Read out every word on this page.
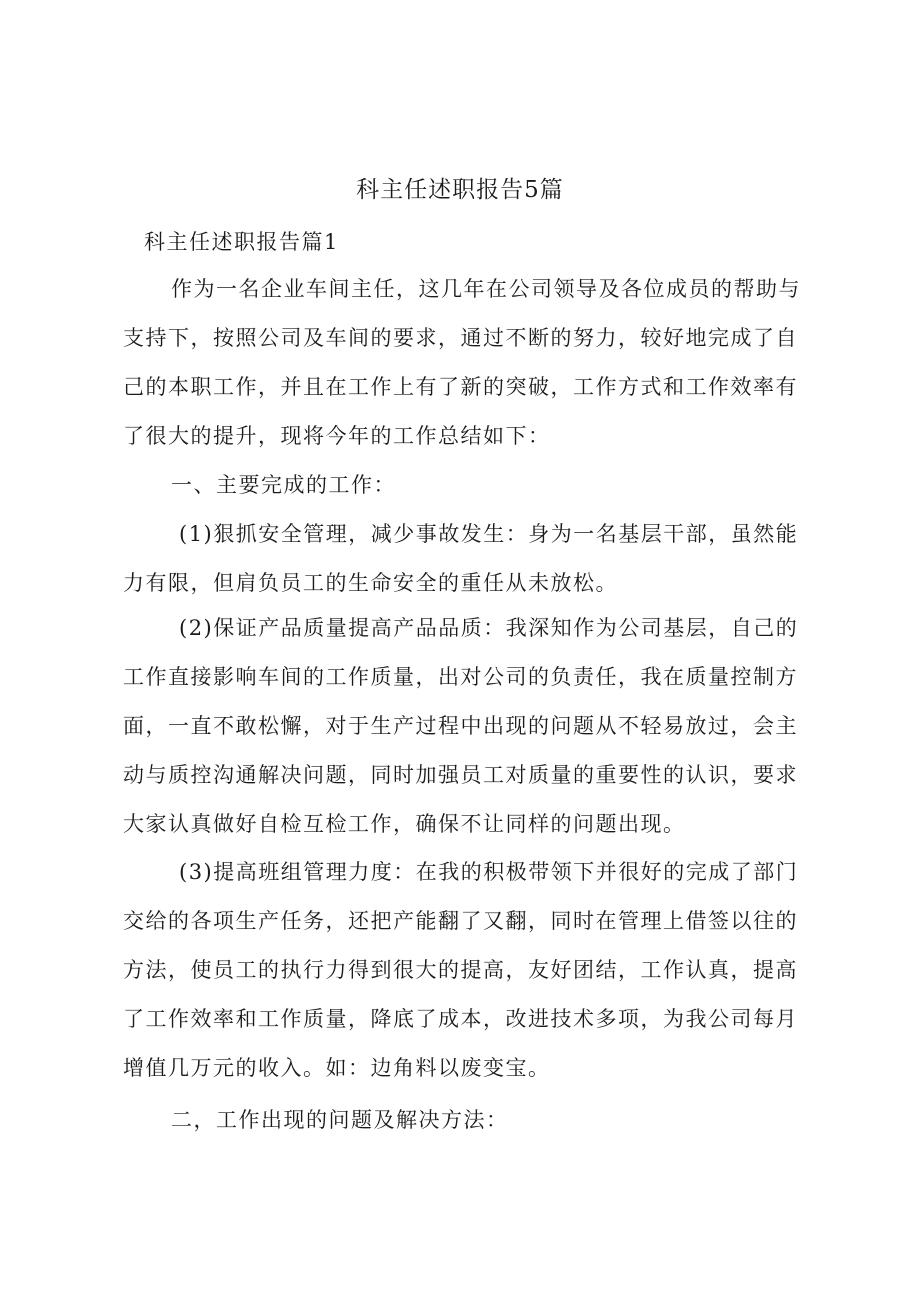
科主任述职报告5篇
科主任述职报告篇1
作为一名企业车间主任，这几年在公司领导及各位成员的帮助与
支持下，按照公司及车间的要求，通过不断的努力，较好地完成了自
己的本职工作，并且在工作上有了新的突破，工作方式和工作效率有
了很大的提升，现将今年的工作总结如下：
一、主要完成的工作：
(1)狠抓安全管理，减少事故发生：身为一名基层干部，虽然能
力有限，但肩负员工的生命安全的重任从未放松。
(2)保证产品质量提高产品品质：我深知作为公司基层，自己的
工作直接影响车间的工作质量，出对公司的负责任，我在质量控制方
面，一直不敢松懈，对于生产过程中出现的问题从不轻易放过，会主
动与质控沟通解决问题，同时加强员工对质量的重要性的认识，要求
大家认真做好自检互检工作，确保不让同样的问题出现。
(3)提高班组管理力度：在我的积极带领下并很好的完成了部门
交给的各项生产任务，还把产能翻了又翻，同时在管理上借签以往的
方法，使员工的执行力得到很大的提高，友好团结，工作认真，提高
了工作效率和工作质量，降底了成本，改进技术多项，为我公司每月
增值几万元的收入。如：边角料以废变宝。
二，工作出现的问题及解决方法：
